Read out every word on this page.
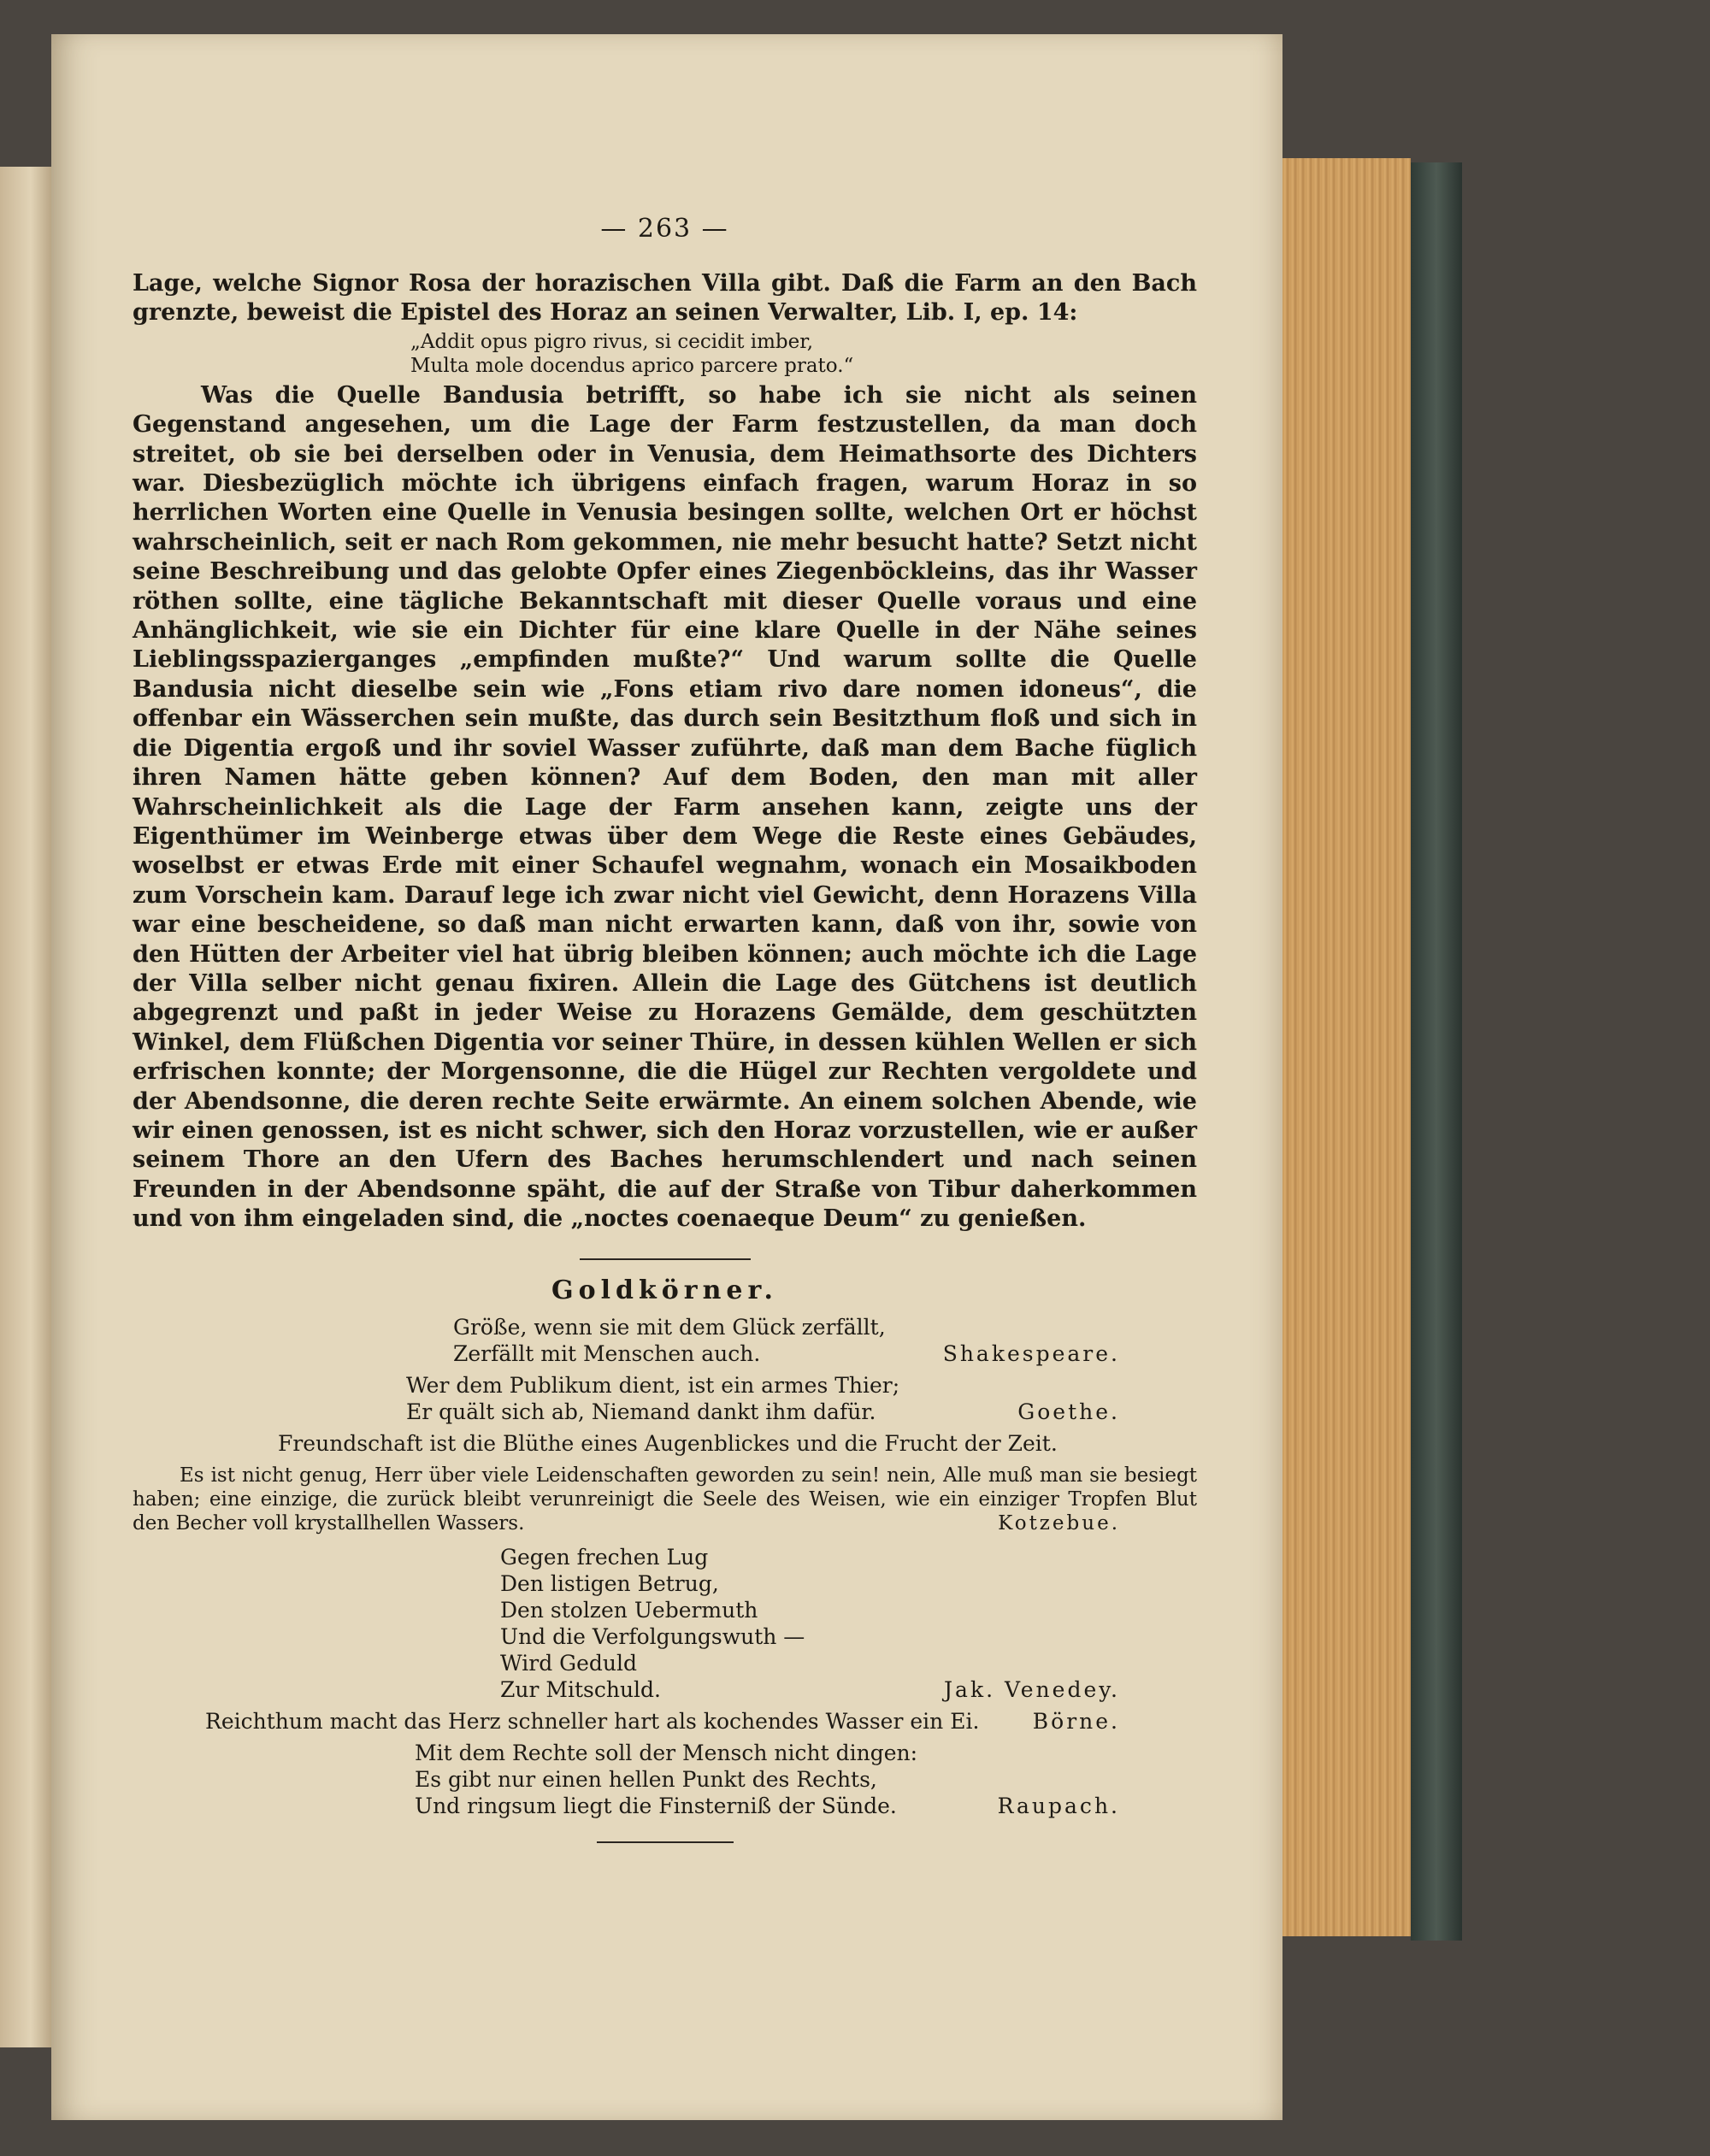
— 263 —

Lage, welche Signor Rosa der horazischen Villa gibt. Daß die Farm an den Bach grenzte, beweist die Epistel des Horaz an seinen Verwalter, Lib. I, ep. 14:

„Addit opus pigro rivus, si cecidit imber,
Multa mole docendus aprico parcere prato.“

Was die Quelle Bandusia betrifft, so habe ich sie nicht als seinen Gegenstand angesehen, um die Lage der Farm festzustellen, da man doch streitet, ob sie bei derselben oder in Venusia, dem Heimathsorte des Dichters war. Diesbezüglich möchte ich übrigens einfach fragen, warum Horaz in so herrlichen Worten eine Quelle in Venusia besingen sollte, welchen Ort er höchst wahrscheinlich, seit er nach Rom gekommen, nie mehr besucht hatte? Setzt nicht seine Beschreibung und das gelobte Opfer eines Ziegenböckleins, das ihr Wasser röthen sollte, eine tägliche Bekanntschaft mit dieser Quelle voraus und eine Anhänglichkeit, wie sie ein Dichter für eine klare Quelle in der Nähe seines Lieblingsspazierganges „empfinden mußte?“ Und warum sollte die Quelle Bandusia nicht dieselbe sein wie „Fons etiam rivo dare nomen idoneus“, die offenbar ein Wässerchen sein mußte, das durch sein Besitzthum floß und sich in die Digentia ergoß und ihr soviel Wasser zuführte, daß man dem Bache füglich ihren Namen hätte geben können? Auf dem Boden, den man mit aller Wahrscheinlichkeit als die Lage der Farm ansehen kann, zeigte uns der Eigenthümer im Weinberge etwas über dem Wege die Reste eines Gebäudes, woselbst er etwas Erde mit einer Schaufel wegnahm, wonach ein Mosaikboden zum Vorschein kam. Darauf lege ich zwar nicht viel Gewicht, denn Horazens Villa war eine bescheidene, so daß man nicht erwarten kann, daß von ihr, sowie von den Hütten der Arbeiter viel hat übrig bleiben können; auch möchte ich die Lage der Villa selber nicht genau fixiren. Allein die Lage des Gütchens ist deutlich abgegrenzt und paßt in jeder Weise zu Horazens Gemälde, dem geschützten Winkel, dem Flüßchen Digentia vor seiner Thüre, in dessen kühlen Wellen er sich erfrischen konnte; der Morgensonne, die die Hügel zur Rechten vergoldete und der Abendsonne, die deren rechte Seite erwärmte. An einem solchen Abende, wie wir einen genossen, ist es nicht schwer, sich den Horaz vorzustellen, wie er außer seinem Thore an den Ufern des Baches herumschlendert und nach seinen Freunden in der Abendsonne späht, die auf der Straße von Tibur daherkommen und von ihm eingeladen sind, die „noctes coenaeque Deum“ zu genießen.

Goldkörner.
Größe, wenn sie mit dem Glück zerfällt,
Zerfällt mit Menschen auch.	Shakespeare.
Wer dem Publikum dient, ist ein armes Thier;
Er quält sich ab, Niemand dankt ihm dafür.	Goethe.
Freundschaft ist die Blüthe eines Augenblickes und die Frucht der Zeit.
Es ist nicht genug, Herr über viele Leidenschaften geworden zu sein! nein, Alle muß man sie besiegt haben; eine einzige, die zurück bleibt verunreinigt die Seele des Weisen, wie ein einziger Tropfen Blut den Becher voll krystallhellen Wassers.	Kotzebue.
Gegen frechen Lug
Den listigen Betrug,
Den stolzen Uebermuth
Und die Verfolgungswuth —
Wird Geduld
Zur Mitschuld.	Jak. Venedey.
Reichthum macht das Herz schneller hart als kochendes Wasser ein Ei.	Börne.
Mit dem Rechte soll der Mensch nicht dingen:
Es gibt nur einen hellen Punkt des Rechts,
Und ringsum liegt die Finsterniß der Sünde.	Raupach.
